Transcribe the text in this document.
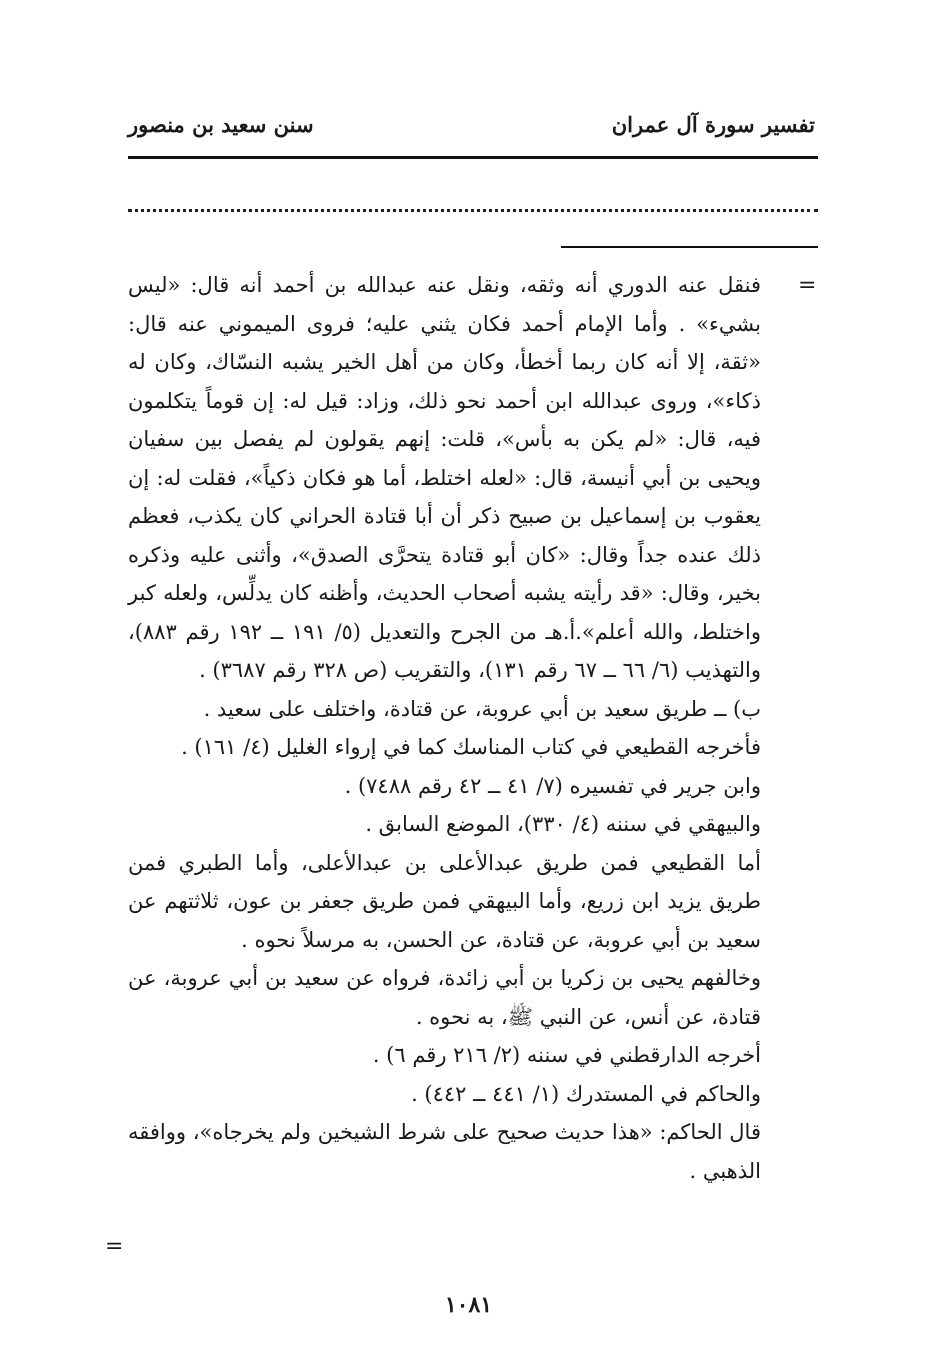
تفسير سورة آل عمران
سنن سعيد بن منصور
=

فنقل عنه الدوري أنه وثقه، ونقل عنه عبدالله بن أحمد أنه قال: «ليس بشيء» . وأما الإمام أحمد فكان يثني عليه؛ فروى الميموني عنه قال: «ثقة، إلا أنه كان ربما أخطأ، وكان من أهل الخير يشبه النسّاك، وكان له ذكاء»، وروى عبدالله ابن أحمد نحو ذلك، وزاد: قيل له: إن قوماً يتكلمون فيه، قال: «لم يكن به بأس»، قلت: إنهم يقولون لم يفصل بين سفيان ويحيى بن أبي أنيسة، قال: «لعله اختلط، أما هو فكان ذكياً»، فقلت له: إن يعقوب بن إسماعيل بن صبيح ذكر أن أبا قتادة الحراني كان يكذب، فعظم ذلك عنده جداً وقال: «كان أبو قتادة يتحرَّى الصدق»، وأثنى عليه وذكره بخير، وقال: «قد رأيته يشبه أصحاب الحديث، وأظنه كان يدلِّس، ولعله كبر واختلط، والله أعلم».أ.هـ من الجرح والتعديل (٥/ ١٩١ ــ ١٩٢ رقم ٨٨٣)، والتهذيب (٦/ ٦٦ ــ ٦٧ رقم ١٣١)، والتقريب (ص ٣٢٨ رقم ٣٦٨٧) .

ب) ــ طريق سعيد بن أبي عروبة، عن قتادة، واختلف على سعيد .

فأخرجه القطيعي في كتاب المناسك كما في إرواء الغليل (٤/ ١٦١) .

وابن جرير في تفسيره (٧/ ٤١ ــ ٤٢ رقم ٧٤٨٨) .

والبيهقي في سننه (٤/ ٣٣٠)، الموضع السابق .

أما القطيعي فمن طريق عبدالأعلى بن عبدالأعلى، وأما الطبري فمن طريق يزيد ابن زريع، وأما البيهقي فمن طريق جعفر بن عون، ثلاثتهم عن سعيد بن أبي عروبة، عن قتادة، عن الحسن، به مرسلاً نحوه .

وخالفهم يحيى بن زكريا بن أبي زائدة، فرواه عن سعيد بن أبي عروبة، عن قتادة، عن أنس، عن النبي ﷺ، به نحوه .

أخرجه الدارقطني في سننه (٢/ ٢١٦ رقم ٦) .

والحاكم في المستدرك (١/ ٤٤١ ــ ٤٤٢) .

قال الحاكم: «هذا حديث صحيح على شرط الشيخين ولم يخرجاه»، ووافقه الذهبي .

=
١٠٨١
